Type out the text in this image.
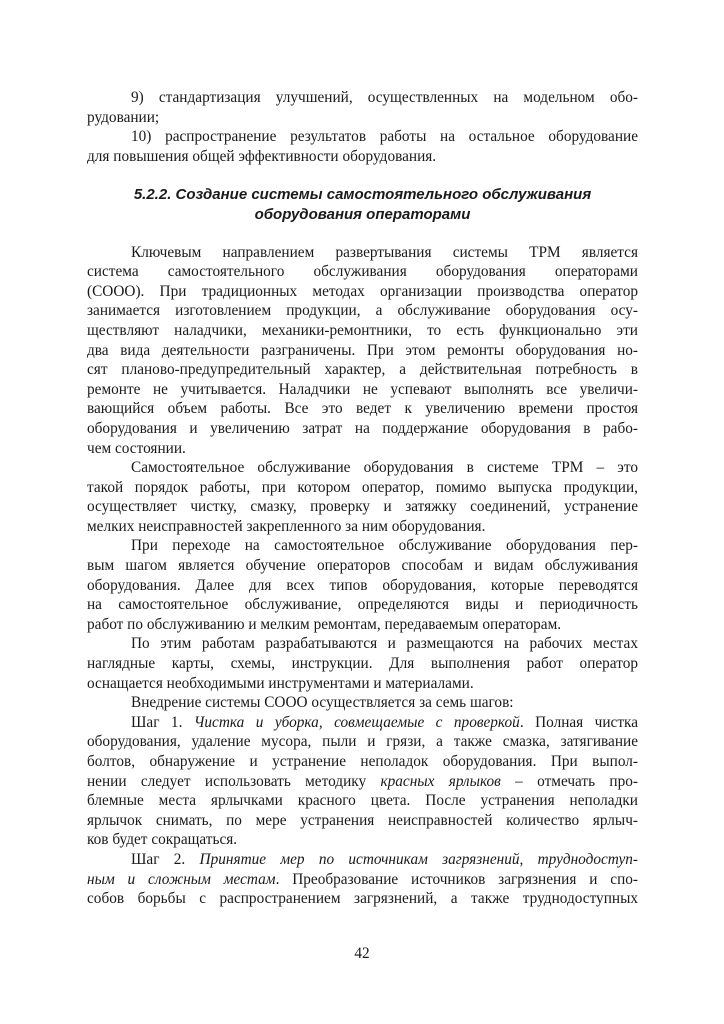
9) стандартизация улучшений, осуществленных на модельном обо-
рудовании;
10) распространение результатов работы на остальное оборудование
для повышения общей эффективности оборудования.
5.2.2. Создание системы самостоятельного обслуживания
оборудования операторами
Ключевым направлением развертывания системы ТРМ является
система самостоятельного обслуживания оборудования операторами
(СООО). При традиционных методах организации производства оператор
занимается изготовлением продукции, а обслуживание оборудования осу-
ществляют наладчики, механики-ремонтники, то есть функционально эти
два вида деятельности разграничены. При этом ремонты оборудования но-
сят планово-предупредительный характер, а действительная потребность в
ремонте не учитывается. Наладчики не успевают выполнять все увеличи-
вающийся объем работы. Все это ведет к увеличению времени простоя
оборудования и увеличению затрат на поддержание оборудования в рабо-
чем состоянии.
Самостоятельное обслуживание оборудования в системе ТРМ – это
такой порядок работы, при котором оператор, помимо выпуска продукции,
осуществляет чистку, смазку, проверку и затяжку соединений, устранение
мелких неисправностей закрепленного за ним оборудования.
При переходе на самостоятельное обслуживание оборудования пер-
вым шагом является обучение операторов способам и видам обслуживания
оборудования. Далее для всех типов оборудования, которые переводятся
на самостоятельное обслуживание, определяются виды и периодичность
работ по обслуживанию и мелким ремонтам, передаваемым операторам.
По этим работам разрабатываются и размещаются на рабочих местах
наглядные карты, схемы, инструкции. Для выполнения работ оператор
оснащается необходимыми инструментами и материалами.
Внедрение системы СООО осуществляется за семь шагов:
Шаг 1. Чистка и уборка, совмещаемые с проверкой. Полная чистка
оборудования, удаление мусора, пыли и грязи, а также смазка, затягивание
болтов, обнаружение и устранение неполадок оборудования. При выпол-
нении следует использовать методику красных ярлыков – отмечать про-
блемные места ярлычками красного цвета. После устранения неполадки
ярлычок снимать, по мере устранения неисправностей количество ярлыч-
ков будет сокращаться.
Шаг 2. Принятие мер по источникам загрязнений, труднодоступ-
ным и сложным местам. Преобразование источников загрязнения и спо-
собов борьбы с распространением загрязнений, а также труднодоступных
42
